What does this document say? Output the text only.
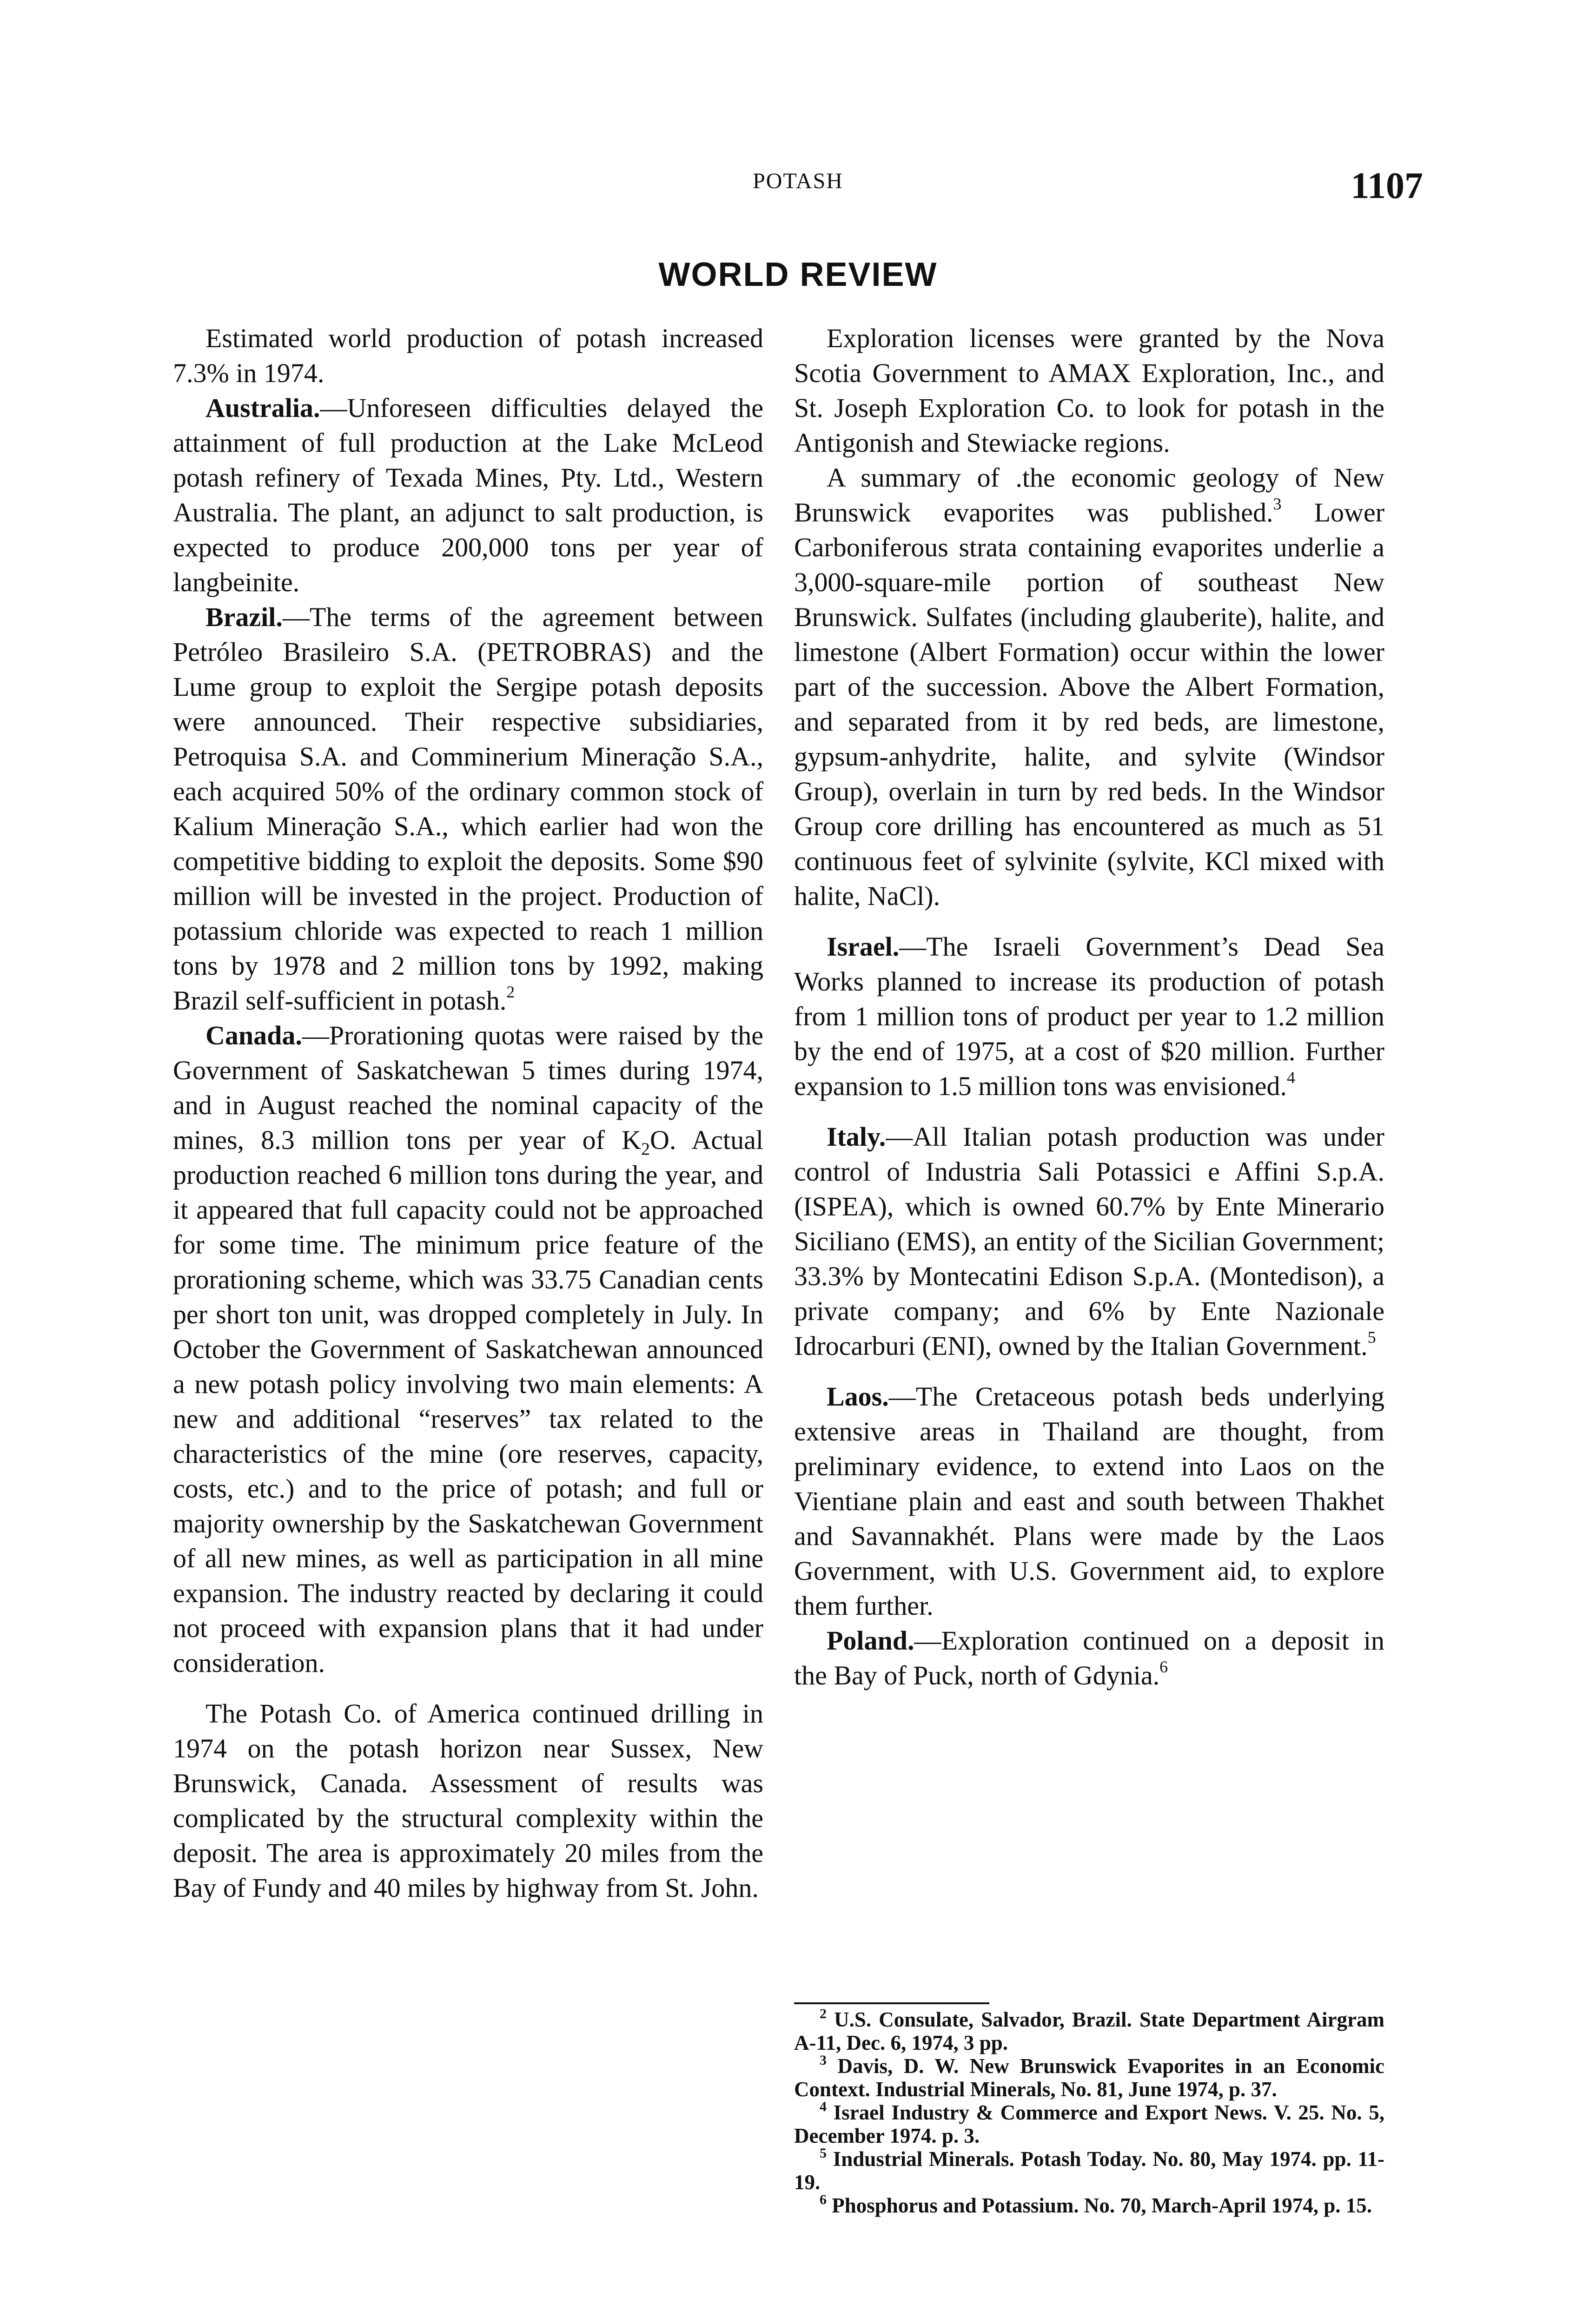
POTASH	1107
WORLD REVIEW

Estimated world production of potash increased 7.3% in 1974.

Australia.—Unforeseen difficulties delayed the attainment of full production at the Lake McLeod potash refinery of Texada Mines, Pty. Ltd., Western Australia. The plant, an adjunct to salt production, is expected to produce 200,000 tons per year of langbeinite.

Brazil.—The terms of the agreement between Petróleo Brasileiro S.A. (PETROBRAS) and the Lume group to exploit the Sergipe potash deposits were announced. Their respective subsidiaries, Petroquisa S.A. and Comminerium Mineração S.A., each acquired 50% of the ordinary common stock of Kalium Mineração S.A., which earlier had won the competitive bidding to exploit the deposits. Some $90 million will be invested in the project. Production of potassium chloride was expected to reach 1 million tons by 1978 and 2 million tons by 1992, making Brazil self-sufficient in potash.$^2$

Canada.—Prorationing quotas were raised by the Government of Saskatchewan 5 times during 1974, and in August reached the nominal capacity of the mines, 8.3 million tons per year of $K_2O$. Actual production reached 6 million tons during the year, and it appeared that full capacity could not be approached for some time. The minimum price feature of the prorationing scheme, which was 33.75 Canadian cents per short ton unit, was dropped completely in July. In October the Government of Saskatchewan announced a new potash policy involving two main elements: A new and additional “reserves” tax related to the characteristics of the mine (ore reserves, capacity, costs, etc.) and to the price of potash; and full or majority ownership by the Saskatchewan Government of all new mines, as well as participation in all mine expansion. The industry reacted by declaring it could not proceed with expansion plans that it had under consideration.

The Potash Co. of America continued drilling in 1974 on the potash horizon near Sussex, New Brunswick, Canada. Assessment of results was complicated by the structural complexity within the deposit. The area is approximately 20 miles from the Bay of Fundy and 40 miles by highway from St. John.

Exploration licenses were granted by the Nova Scotia Government to AMAX Exploration, Inc., and St. Joseph Exploration Co. to look for potash in the Antigonish and Stewiacke regions.

A summary of .the economic geology of New Brunswick evaporites was published.$^3$ Lower Carboniferous strata containing evaporites underlie a 3,000-square-mile portion of southeast New Brunswick. Sulfates (including glauberite), halite, and limestone (Albert Formation) occur within the lower part of the succession. Above the Albert Formation, and separated from it by red beds, are limestone, gypsum-anhydrite, halite, and sylvite (Windsor Group), overlain in turn by red beds. In the Windsor Group core drilling has encountered as much as 51 continuous feet of sylvinite (sylvite, KCl mixed with halite, NaCl).

Israel.—The Israeli Government’s Dead Sea Works planned to increase its production of potash from 1 million tons of product per year to 1.2 million by the end of 1975, at a cost of $20 million. Further expansion to 1.5 million tons was envisioned.$^4$

Italy.—All Italian potash production was under control of Industria Sali Potassici e Affini S.p.A. (ISPEA), which is owned 60.7% by Ente Minerario Siciliano (EMS), an entity of the Sicilian Government; 33.3% by Montecatini Edison S.p.A. (Montedison), a private company; and 6% by Ente Nazionale Idrocarburi (ENI), owned by the Italian Government.$^5$

Laos.—The Cretaceous potash beds underlying extensive areas in Thailand are thought, from preliminary evidence, to extend into Laos on the Vientiane plain and east and south between Thakhet and Savannakhét. Plans were made by the Laos Government, with U.S. Government aid, to explore them further.

Poland.—Exploration continued on a deposit in the Bay of Puck, north of Gdynia.$^6$

$^2$ U.S. Consulate, Salvador, Brazil. State Department Airgram A-11, Dec. 6, 1974, 3 pp.

$^3$ Davis, D. W. New Brunswick Evaporites in an Economic Context. Industrial Minerals, No. 81, June 1974, p. 37.

$^4$ Israel Industry & Commerce and Export News. V. 25. No. 5, December 1974. p. 3.

$^5$ Industrial Minerals. Potash Today. No. 80, May 1974. pp. 11-19.

$^6$ Phosphorus and Potassium. No. 70, March-April 1974, p. 15.
